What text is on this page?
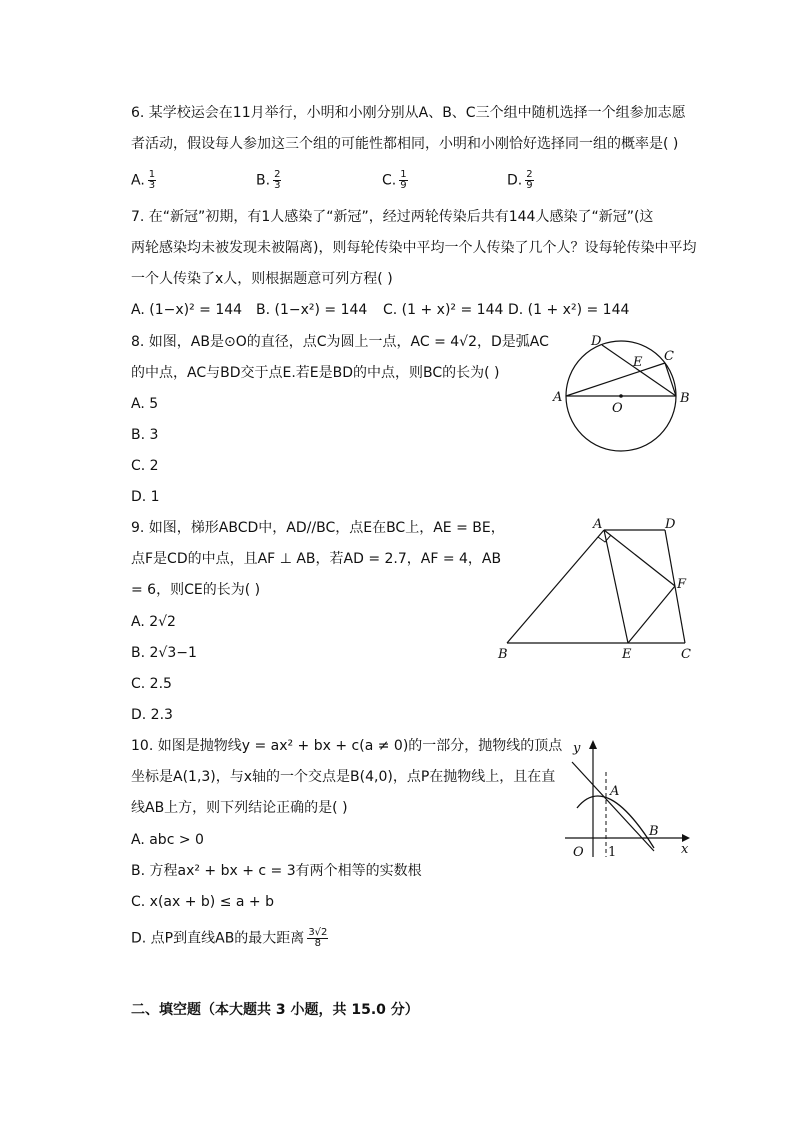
6. 某学校运会在11月举行，小明和小刚分别从A、B、C三个组中随机选择一个组参加志愿
者活动，假设每人参加这三个组的可能性都相同，小明和小刚恰好选择同一组的概率是( )
A. $\frac{1}{3}$	B. $\frac{2}{3}$	C. $\frac{1}{9}$	D. $\frac{2}{9}$
7. 在“新冠”初期，有1人感染了“新冠”，经过两轮传染后共有144人感染了“新冠”(这
两轮感染均未被发现未被隔离)，则每轮传染中平均一个人传染了几个人？设每轮传染中平均
一个人传染了x人，则根据题意可列方程( )
A. (1−x)² = 144 B. (1−x²) = 144 C. (1 + x)² = 144 D. (1 + x²) = 144
8. 如图，AB是⊙O的直径，点C为圆上一点，AC = 4√2，D是弧AC
的中点，AC与BD交于点E.若E是BD的中点，则BC的长为( )
A. 5
B. 3
C. 2
D. 1
A	B
C
D
E
O
9. 如图，梯形ABCD中，AD//BC，点E在BC上，AE = BE，
点F是CD的中点，且AF ⊥ AB，若AD = 2.7，AF = 4，AB
= 6，则CE的长为( )
A. 2√2
B. 2√3−1
C. 2.5
D. 2.3
A	D
F
B	E	C
10. 如图是抛物线y = ax² + bx + c(a ≠ 0)的一部分，抛物线的顶点
坐标是A(1,3)，与x轴的一个交点是B(4,0)，点P在抛物线上，且在直
线AB上方，则下列结论正确的是( )
A. abc > 0
B. 方程ax² + bx + c = 3有两个相等的实数根
C. x(ax + b) ≤ a + b
D. 点P到直线AB的最大距离 $\frac{3√2}{8}$
y
x
O 1
A
B
二、填空题（本大题共 3 小题，共 15.0 分）
